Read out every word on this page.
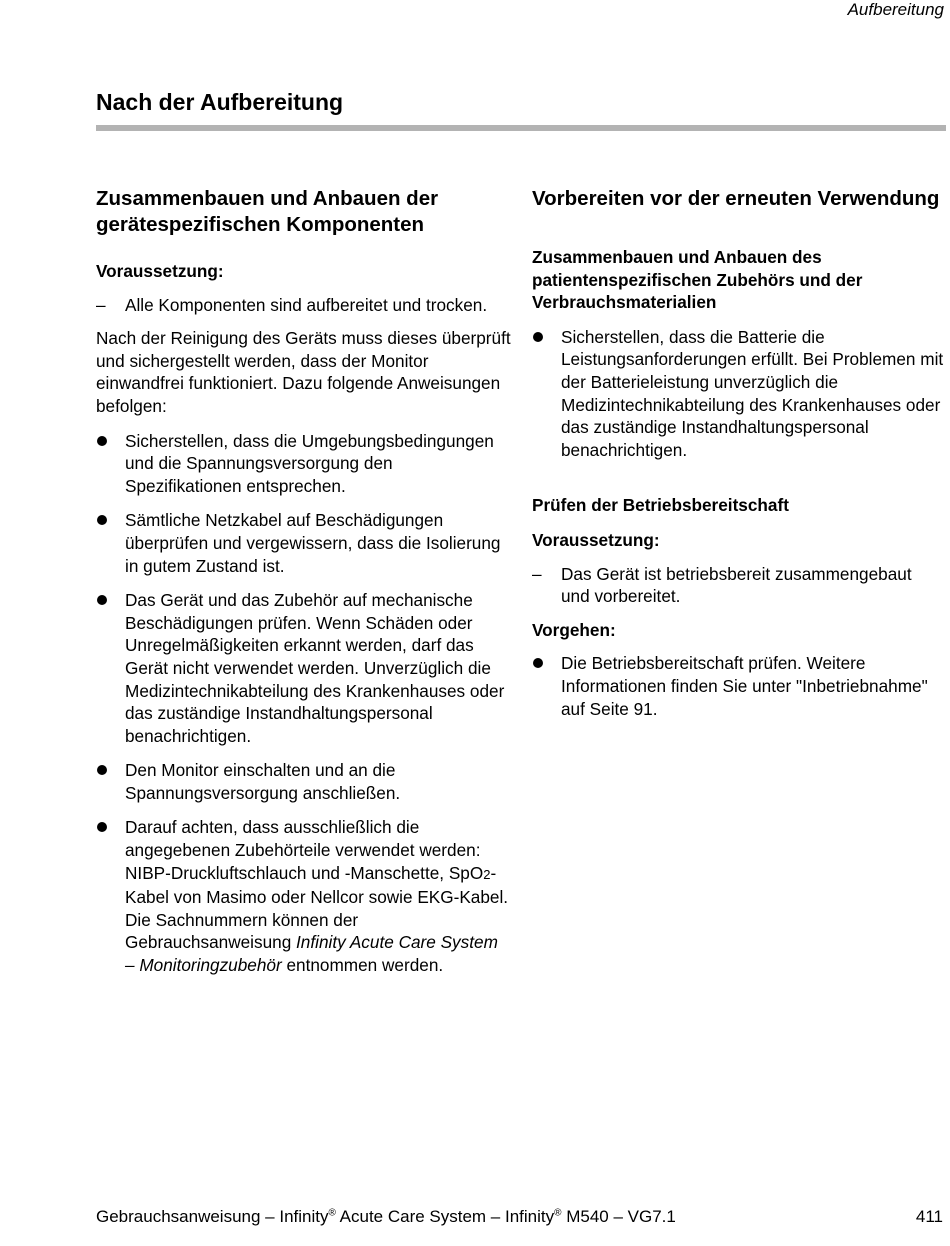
Aufbereitung
Nach der Aufbereitung
Zusammenbauen und Anbauen der gerätespezifischen Komponenten
Voraussetzung:
– Alle Komponenten sind aufbereitet und trocken.

Nach der Reinigung des Geräts muss dieses überprüft und sichergestellt werden, dass der Monitor einwandfrei funktioniert. Dazu folgende Anweisungen befolgen:

Sicherstellen, dass die Umgebungsbedingungen und die Spannungsversorgung den Spezifikationen entsprechen.
Sämtliche Netzkabel auf Beschädigungen überprüfen und vergewissern, dass die Isolierung in gutem Zustand ist.
Das Gerät und das Zubehör auf mechanische Beschädigungen prüfen. Wenn Schäden oder Unregelmäßigkeiten erkannt werden, darf das Gerät nicht verwendet werden. Unverzüglich die Medizintechnikabteilung des Krankenhauses oder das zuständige Instandhaltungspersonal benachrichtigen.
Den Monitor einschalten und an die Spannungsversorgung anschließen.
Darauf achten, dass ausschließlich die angegebenen Zubehörteile verwendet werden: NIBP-Druckluftschlauch und -Manschette, SpO2-Kabel von Masimo oder Nellcor sowie EKG-Kabel. Die Sachnummern können der Gebrauchsanweisung Infinity Acute Care System – Monitoringzubehör entnommen werden.
Vorbereiten vor der erneuten Verwendung
Zusammenbauen und Anbauen des patientenspezifischen Zubehörs und der Verbrauchsmaterialien
Sicherstellen, dass die Batterie die Leistungsanforderungen erfüllt. Bei Problemen mit der Batterieleistung unverzüglich die Medizintechnikabteilung des Krankenhauses oder das zuständige Instandhaltungspersonal benachrichtigen.
Prüfen der Betriebsbereitschaft
Voraussetzung:
– Das Gerät ist betriebsbereit zusammengebaut und vorbereitet.
Vorgehen:
Die Betriebsbereitschaft prüfen. Weitere Informationen finden Sie unter "Inbetriebnahme" auf Seite 91.
Gebrauchsanweisung – Infinity® Acute Care System – Infinity® M540 – VG7.1	411
